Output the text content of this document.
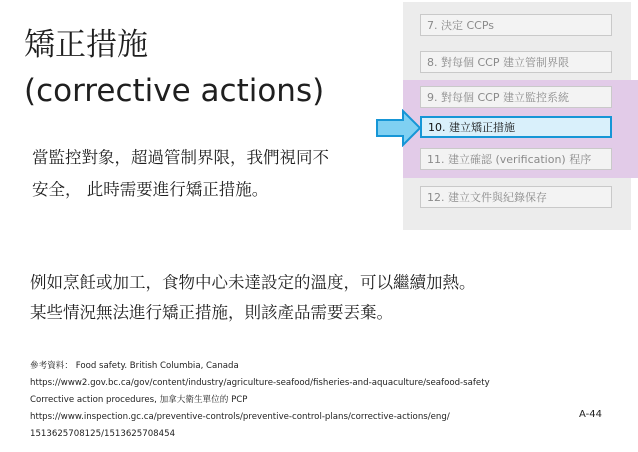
矯正措施
(corrective actions)
當監控對象，超過管制界限，我們視同不
安全， 此時需要進行矯正措施。
7. 決定 CCPs
8. 對每個 CCP 建立管制界限
9. 對每個 CCP 建立監控系統
10. 建立矯正措施
11. 建立確認 (verification) 程序
12. 建立文件與紀錄保存
例如烹飪或加工，食物中心未達設定的溫度，可以繼續加熱。
某些情況無法進行矯正措施，則該產品需要丟棄。
參考資料： Food safety. British Columbia, Canada
https://www2.gov.bc.ca/gov/content/industry/agriculture-seafood/fisheries-and-aquaculture/seafood-safety
Corrective action procedures, 加拿大衛生單位的 PCP
https://www.inspection.gc.ca/preventive-controls/preventive-control-plans/corrective-actions/eng/
1513625708125/1513625708454
A-44
